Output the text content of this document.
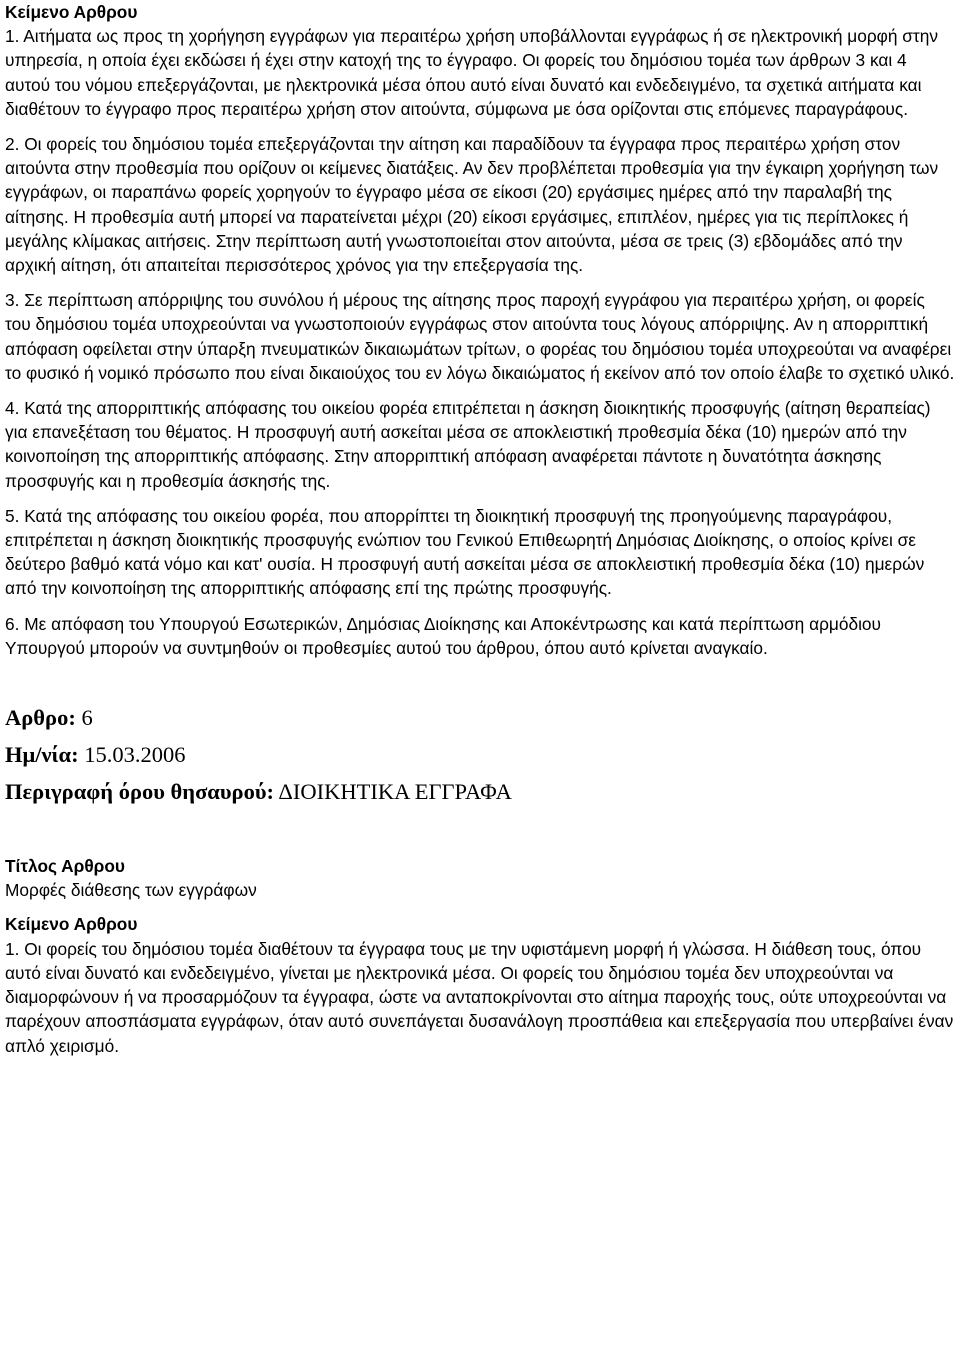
Κείμενο Αρθρου

1. Αιτήματα ως προς τη χορήγηση εγγράφων για περαιτέρω χρήση υποβάλλονται εγγράφως ή σε ηλεκτρονική μορφή στην υπηρεσία, η οποία έχει εκδώσει ή έχει στην κατοχή της το έγγραφο. Οι φορείς του δημόσιου τομέα των άρθρων 3 και 4 αυτού του νόμου επεξεργάζονται, με ηλεκτρονικά μέσα όπου αυτό είναι δυνατό και ενδεδειγμένο, τα σχετικά αιτήματα και διαθέτουν το έγγραφο προς περαιτέρω χρήση στον αιτούντα, σύμφωνα με όσα ορίζονται στις επόμενες παραγράφους.

2. Οι φορείς του δημόσιου τομέα επεξεργάζονται την αίτηση και παραδίδουν τα έγγραφα προς περαιτέρω χρήση στον αιτούντα στην προθεσμία που ορίζουν οι κείμενες διατάξεις. Αν δεν προβλέπεται προθεσμία για την έγκαιρη χορήγηση των εγγράφων, οι παραπάνω φορείς χορηγούν το έγγραφο μέσα σε είκοσι (20) εργάσιμες ημέρες από την παραλαβή της αίτησης. Η προθεσμία αυτή μπορεί να παρατείνεται μέχρι (20) είκοσι εργάσιμες, επιπλέον, ημέρες για τις περίπλοκες ή μεγάλης κλίμακας αιτήσεις. Στην περίπτωση αυτή γνωστοποιείται στον αιτούντα, μέσα σε τρεις (3) εβδομάδες από την αρχική αίτηση, ότι απαιτείται περισσότερος χρόνος για την επεξεργασία της.

3. Σε περίπτωση απόρριψης του συνόλου ή μέρους της αίτησης προς παροχή εγγράφου για περαιτέρω χρήση, οι φορείς του δημόσιου τομέα υποχρεούνται να γνωστοποιούν εγγράφως στον αιτούντα τους λόγους απόρριψης. Αν η απορριπτική απόφαση οφείλεται στην ύπαρξη πνευματικών δικαιωμάτων τρίτων, ο φορέας του δημόσιου τομέα υποχρεούται να αναφέρει το φυσικό ή νομικό πρόσωπο που είναι δικαιούχος του εν λόγω δικαιώματος ή εκείνον από τον οποίο έλαβε το σχετικό υλικό.

4. Κατά της απορριπτικής απόφασης του οικείου φορέα επιτρέπεται η άσκηση διοικητικής προσφυγής (αίτηση θεραπείας) για επανεξέταση του θέματος. Η προσφυγή αυτή ασκείται μέσα σε αποκλειστική προθεσμία δέκα (10) ημερών από την κοινοποίηση της απορριπτικής απόφασης. Στην απορριπτική απόφαση αναφέρεται πάντοτε η δυνατότητα άσκησης προσφυγής και η προθεσμία άσκησής της.

5. Κατά της απόφασης του οικείου φορέα, που απορρίπτει τη διοικητική προσφυγή της προηγούμενης παραγράφου, επιτρέπεται η άσκηση διοικητικής προσφυγής ενώπιον του Γενικού Επιθεωρητή Δημόσιας Διοίκησης, ο οποίος κρίνει σε δεύτερο βαθμό κατά νόμο και κατ' ουσία. Η προσφυγή αυτή ασκείται μέσα σε αποκλειστική προθεσμία δέκα (10) ημερών από την κοινοποίηση της απορριπτικής απόφασης επί της πρώτης προσφυγής.

6. Με απόφαση του Υπουργού Εσωτερικών, Δημόσιας Διοίκησης και Αποκέντρωσης και κατά περίπτωση αρμόδιου Υπουργού μπορούν να συντμηθούν οι προθεσμίες αυτού του άρθρου, όπου αυτό κρίνεται αναγκαίο.

Αρθρο: 6

Ημ/νία: 15.03.2006

Περιγραφή όρου θησαυρού: ΔΙΟΙΚΗΤΙΚΑ ΕΓΓΡΑΦΑ

Τίτλος Αρθρου

Μορφές διάθεσης των εγγράφων

Κείμενο Αρθρου

1. Οι φορείς του δημόσιου τομέα διαθέτουν τα έγγραφα τους με την υφιστάμενη μορφή ή γλώσσα. Η διάθεση τους, όπου αυτό είναι δυνατό και ενδεδειγμένο, γίνεται με ηλεκτρονικά μέσα. Οι φορείς του δημόσιου τομέα δεν υποχρεούνται να διαμορφώνουν ή να προσαρμόζουν τα έγγραφα, ώστε να ανταποκρίνονται στο αίτημα παροχής τους, ούτε υποχρεούνται να παρέχουν αποσπάσματα εγγράφων, όταν αυτό συνεπάγεται δυσανάλογη προσπάθεια και επεξεργασία που υπερβαίνει έναν απλό χειρισμό.
